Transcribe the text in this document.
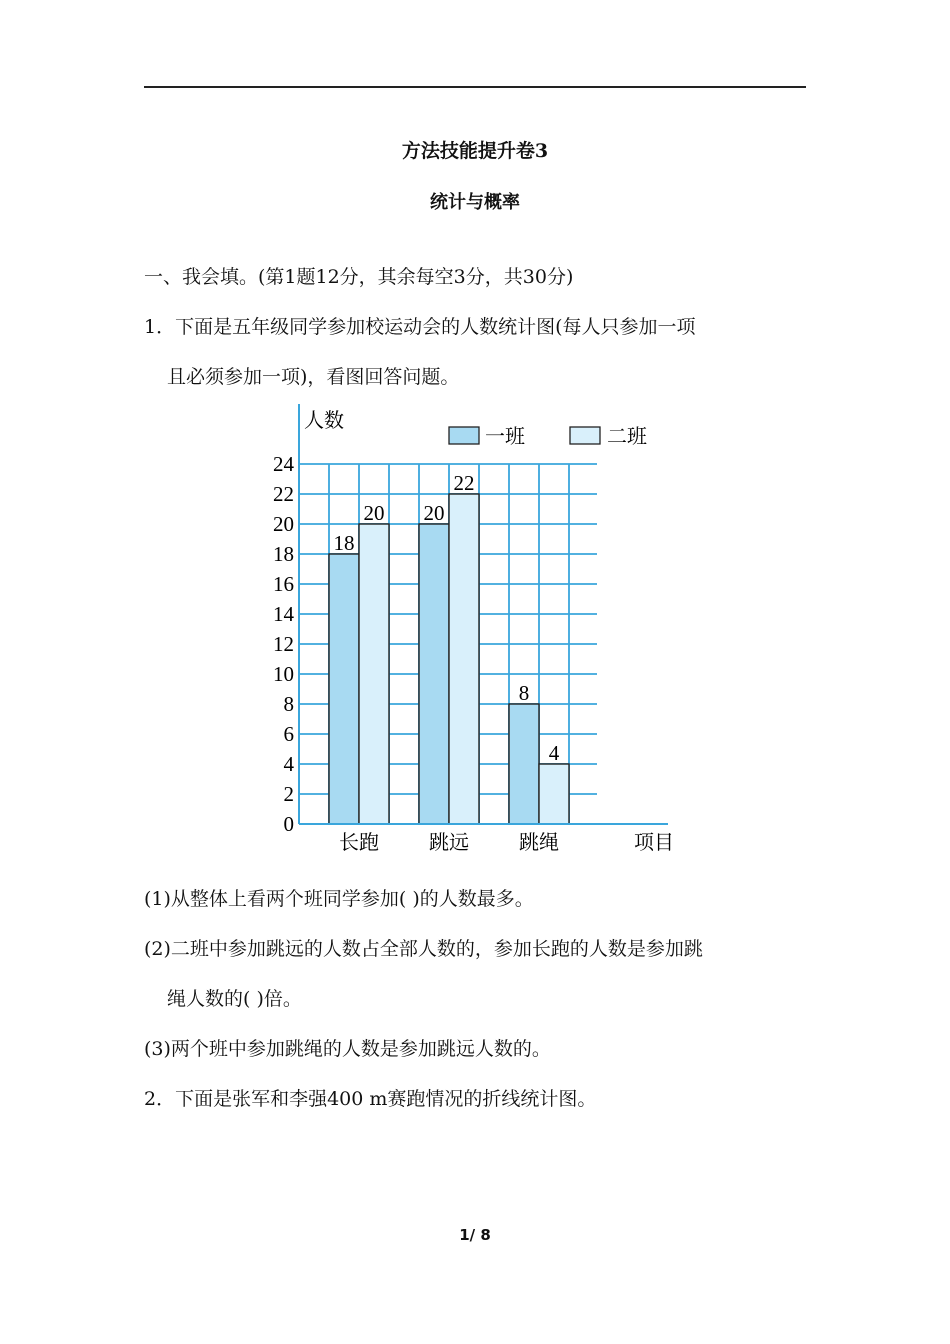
方法技能提升卷3
统计与概率
一、我会填。(第1题12分，其余每空3分，共30分)
1．下面是五年级同学参加校运动会的人数统计图(每人只参加一项
且必须参加一项)，看图回答问题。
0
2
4
6
8
10
12
14
16
18
20
22
24
长跑	跳远	跳绳
18
20 20
22
8
4
人数
项目
一班	二班
(1)从整体上看两个班同学参加( )的人数最多。
(2)二班中参加跳远的人数占全部人数的，参加长跑的人数是参加跳
绳人数的( )倍。
(3)两个班中参加跳绳的人数是参加跳远人数的。
2．下面是张军和李强400 m赛跑情况的折线统计图。
1/ 8
